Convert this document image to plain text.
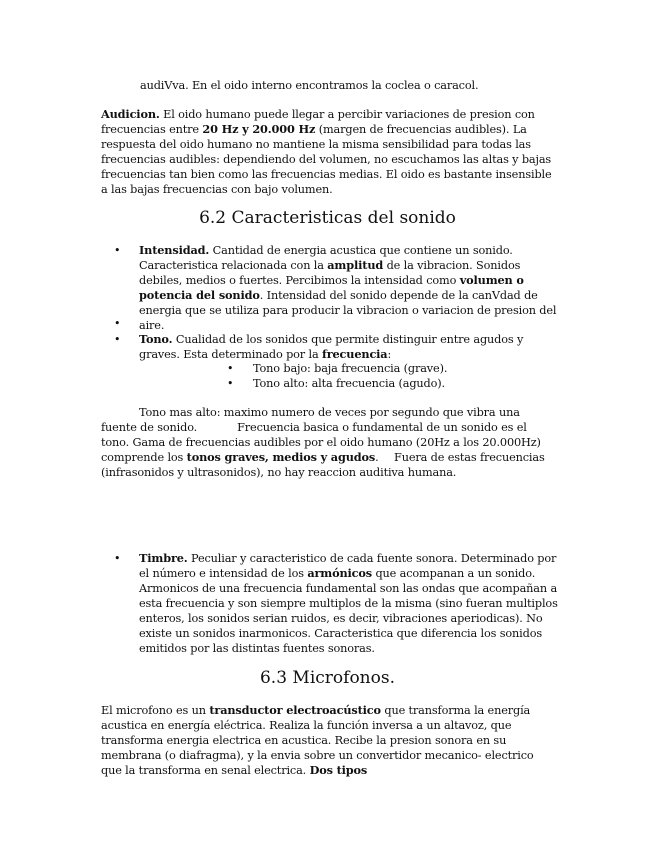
audiVva. En el oido interno encontramos la coclea o caracol.

Audicion. El oido humano puede llegar a percibir variaciones de presion con frecuencias entre 20 Hz y 20.000 Hz (margen de frecuencias audibles). La respuesta del oido humano no mantiene la misma sensibilidad para todas las frecuencias audibles: dependiendo del volumen, no escuchamos las altas y bajas frecuencias tan bien como las frecuencias medias. El oido es bastante insensible a las bajas frecuencias con bajo volumen.

6.2 Caracteristicas del sonido
• Intensidad. Cantidad de energia acustica que contiene un sonido. Caracteristica relacionada con la amplitud de la vibracion. Sonidos debiles, medios o fuertes. Percibimos la intensidad como volumen o potencia del sonido. Intensidad del sonido depende de la canVdad de energia que se utiliza para producir la vibracion o variacion de presion del aire.

•
• Tono. Cualidad de los sonidos que permite distinguir entre agudos y graves. Esta determinado por la frecuencia:

• Tono bajo: baja frecuencia (grave).

• Tono alto: alta frecuencia (agudo).

Tono mas alto: maximo numero de veces por segundo que vibra una fuente de sonido.	Frecuencia basica o fundamental de un sonido es el tono. Gama de frecuencias audibles por el oido humano (20Hz a los 20.000Hz) comprende los tonos graves, medios y agudos. Fuera de estas frecuencias (infrasonidos y ultrasonidos), no hay reaccion auditiva humana.

• Timbre. Peculiar y caracteristico de cada fuente sonora. Determinado por el número e intensidad de los armónicos que acompanan a un sonido. Armonicos de una frecuencia fundamental son las ondas que acompañan a esta frecuencia y son siempre multiplos de la misma (sino fueran multiplos enteros, los sonidos serian ruidos, es decir, vibraciones aperiodicas). No existe un sonidos inarmonicos. Caracteristica que diferencia los sonidos emitidos por las distintas fuentes sonoras.

6.3 Microfonos.

El microfono es un transductor electroacústico que transforma la energía acustica en energía eléctrica. Realiza la función inversa a un altavoz, que transforma energia electrica en acustica. Recibe la presion sonora en su membrana (o diafragma), y la envia sobre un convertidor mecanico- electrico que la transforma en senal electrica. Dos tipos
